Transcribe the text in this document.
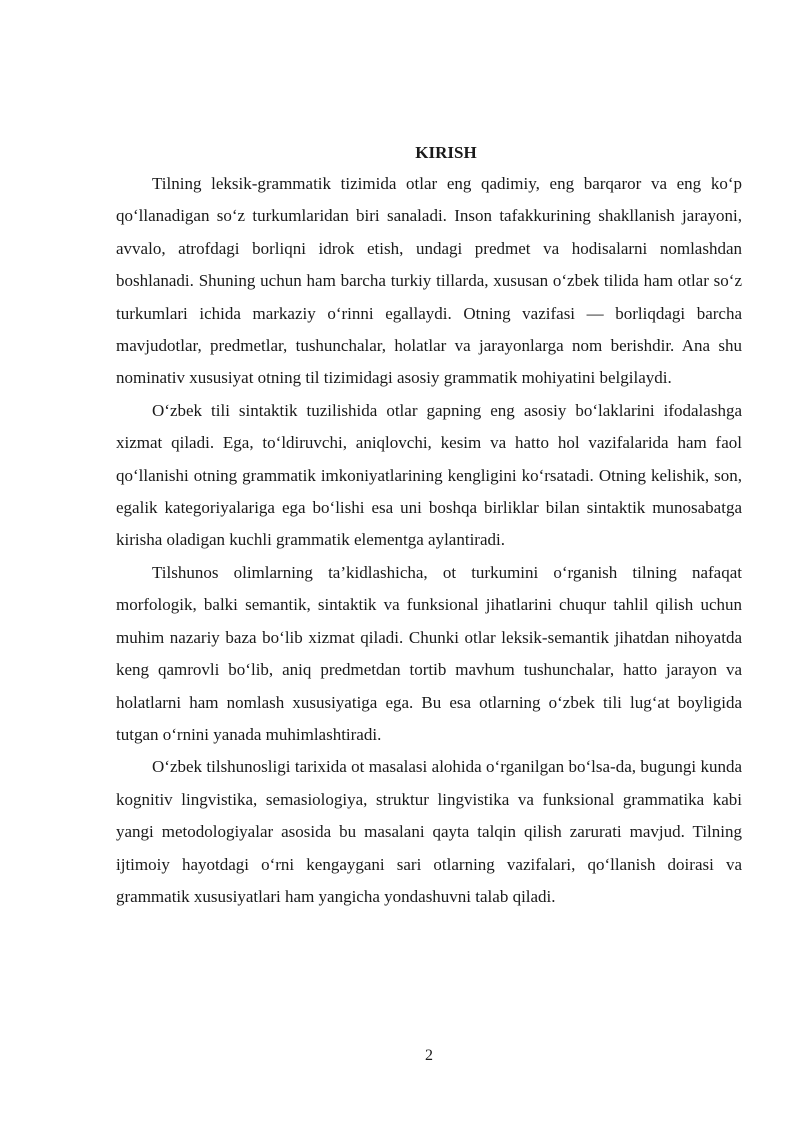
KIRISH

Tilning leksik-grammatik tizimida otlar eng qadimiy, eng barqaror va eng ko‘p qo‘llanadigan so‘z turkumlaridan biri sanaladi. Inson tafakkurining shakllanish jarayoni, avvalo, atrofdagi borliqni idrok etish, undagi predmet va hodisalarni nomlashdan boshlanadi. Shuning uchun ham barcha turkiy tillarda, xususan o‘zbek tilida ham otlar so‘z turkumlari ichida markaziy o‘rinni egallaydi. Otning vazifasi — borliqdagi barcha mavjudotlar, predmetlar, tushunchalar, holatlar va jarayonlarga nom berishdir. Ana shu nominativ xususiyat otning til tizimidagi asosiy grammatik mohiyatini belgilaydi.

O‘zbek tili sintaktik tuzilishida otlar gapning eng asosiy bo‘laklarini ifodalashga xizmat qiladi. Ega, to‘ldiruvchi, aniqlovchi, kesim va hatto hol vazifalarida ham faol qo‘llanishi otning grammatik imkoniyatlarining kengligini ko‘rsatadi. Otning kelishik, son, egalik kategoriyalariga ega bo‘lishi esa uni boshqa birliklar bilan sintaktik munosabatga kirisha oladigan kuchli grammatik elementga aylantiradi.

Tilshunos olimlarning ta’kidlashicha, ot turkumini o‘rganish tilning nafaqat morfologik, balki semantik, sintaktik va funksional jihatlarini chuqur tahlil qilish uchun muhim nazariy baza bo‘lib xizmat qiladi. Chunki otlar leksik-semantik jihatdan nihoyatda keng qamrovli bo‘lib, aniq predmetdan tortib mavhum tushunchalar, hatto jarayon va holatlarni ham nomlash xususiyatiga ega. Bu esa otlarning o‘zbek tili lug‘at boyligida tutgan o‘rnini yanada muhimlashtiradi.

O‘zbek tilshunosligi tarixida ot masalasi alohida o‘rganilgan bo‘lsa-da, bugungi kunda kognitiv lingvistika, semasiologiya, struktur lingvistika va funksional grammatika kabi yangi metodologiyalar asosida bu masalani qayta talqin qilish zarurati mavjud. Tilning ijtimoiy hayotdagi o‘rni kengaygani sari otlarning vazifalari, qo‘llanish doirasi va grammatik xususiyatlari ham yangicha yondashuvni talab qiladi.

2
